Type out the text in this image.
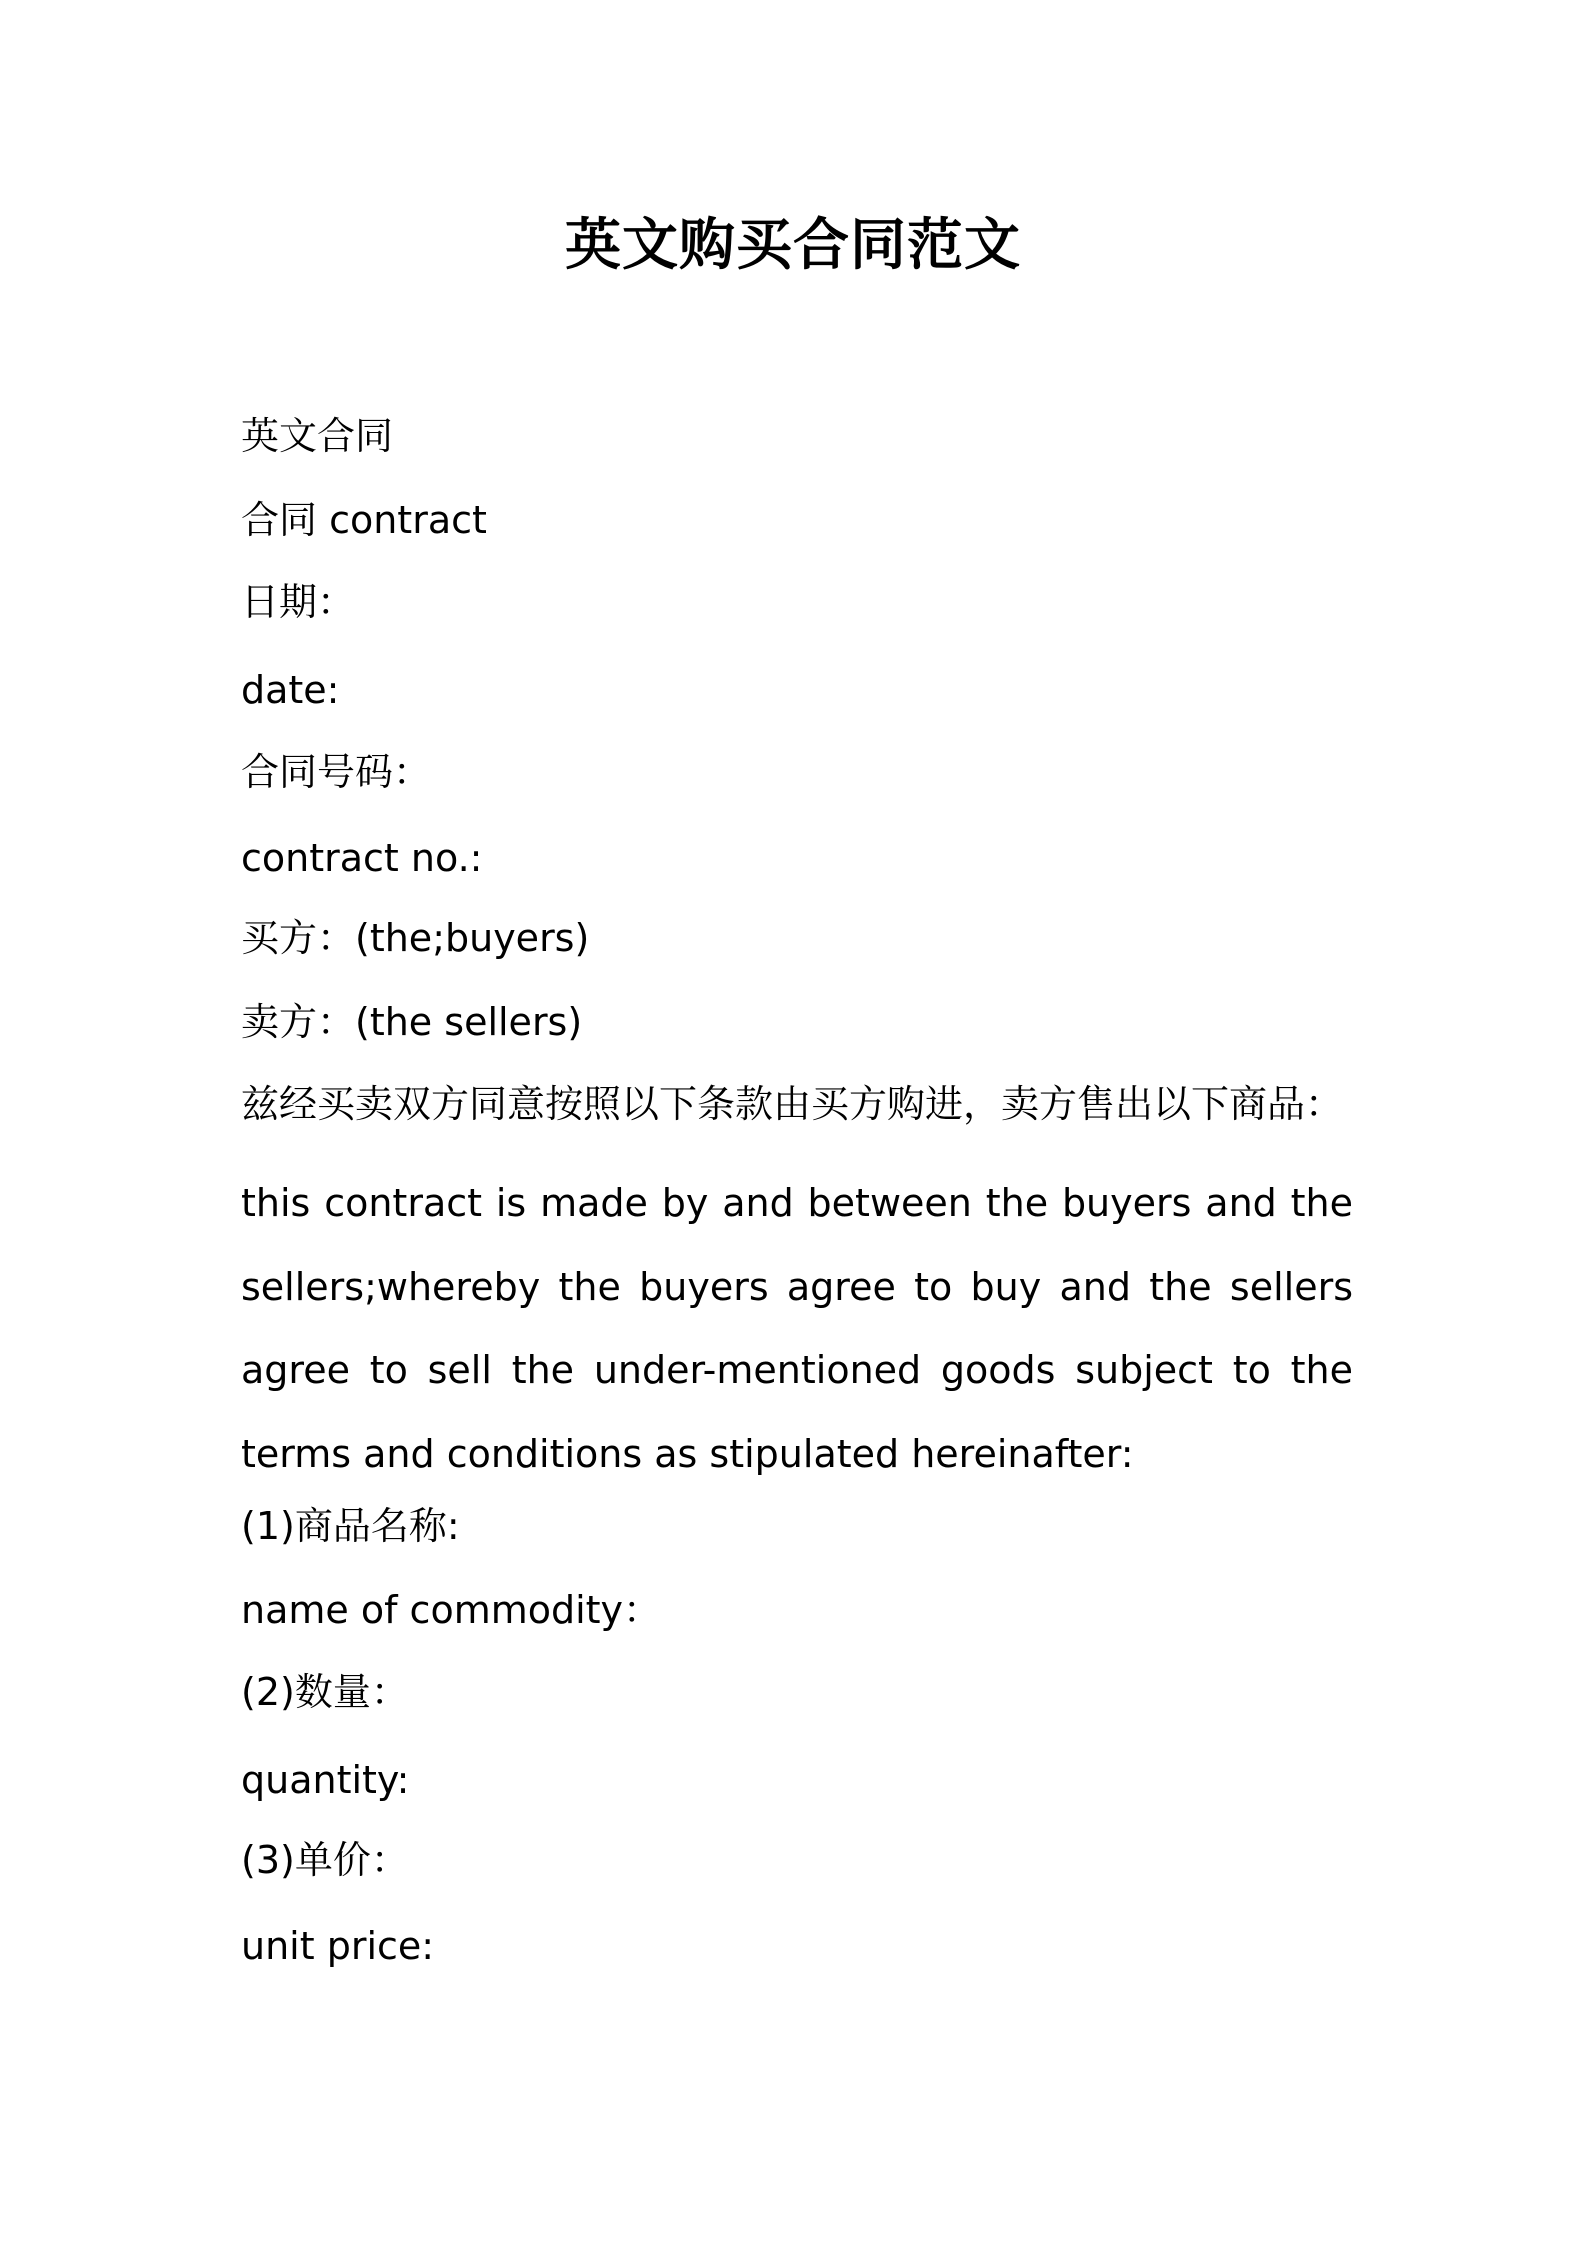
英文购买合同范文
英文合同
合同 contract
日期：
date:
合同号码：
contract no.:
买方：(the;buyers)
卖方：(the sellers)
兹经买卖双方同意按照以下条款由买方购进，卖方售出以下商品：
this contract is made by and between the buyers and the sellers;whereby the buyers agree to buy and the sellers agree to sell the under-mentioned goods subject to the terms and conditions as stipulated hereinafter:
(1)商品名称:
name of commodity：
(2)数量：
quantity:
(3)单价：
unit price:
